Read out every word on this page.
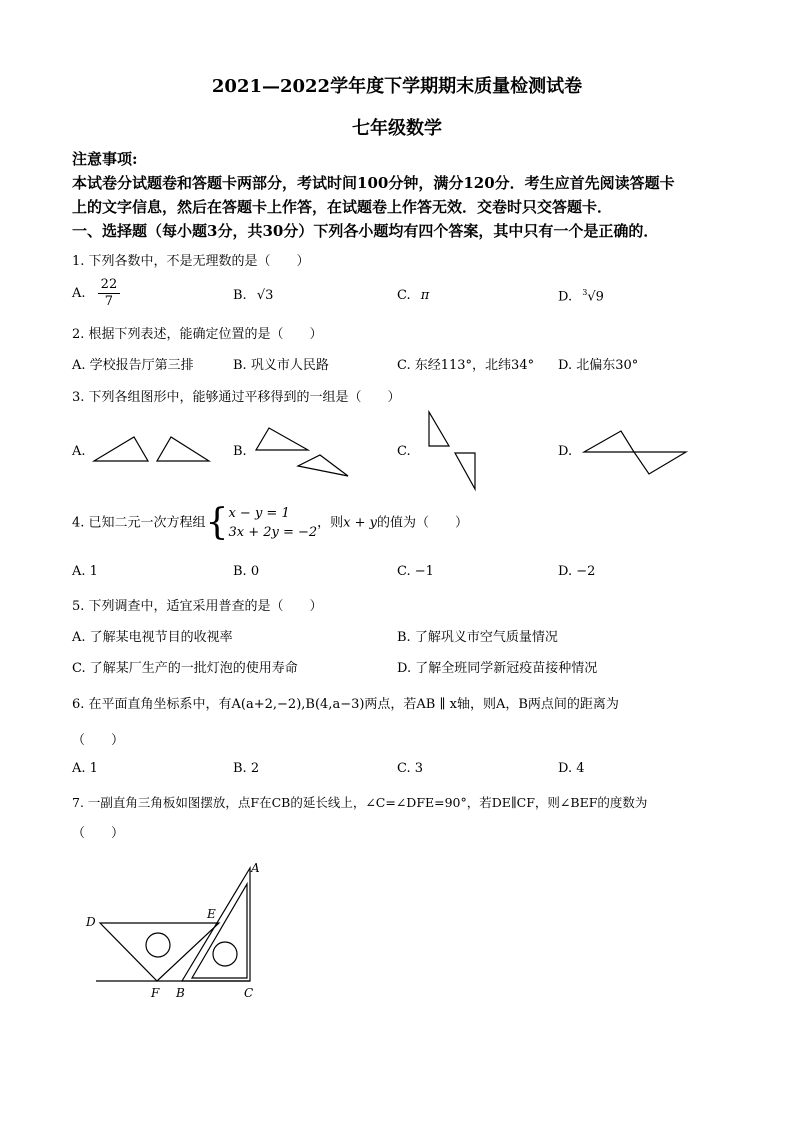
2021—2022学年度下学期期末质量检测试卷
七年级数学
注意事项:
本试卷分试题卷和答题卡两部分，考试时间100分钟，满分120分．考生应首先阅读答题卡
上的文字信息，然后在答题卡上作答，在试题卷上作答无效．交卷时只交答题卡．
一、选择题（每小题3分，共30分）下列各小题均有四个答案，其中只有一个是正确的．
1. 下列各数中，不是无理数的是（　　）
A. $\frac{22}{7}$	B. √3	C. π	D. $^3$√9
2. 根据下列表述，能确定位置的是（　　）
A. 学校报告厅第三排	B. 巩义市人民路	C. 东经113°，北纬34° D. 北偏东30°
3. 下列各组图形中，能够通过平移得到的一组是（　　）
A.	B.	C.	D.
4. 已知二元一次方程组{ x − y = 1
3x + 2y = −2
，则x + y的值为（　　）
A. 1	B. 0	C. −1	D. −2
5. 下列调查中，适宜采用普查的是（　　）
A. 了解某电视节目的收视率	B. 了解巩义市空气质量情况
C. 了解某厂生产的一批灯泡的使用寿命	D. 了解全班同学新冠疫苗接种情况
6. 在平面直角坐标系中，有A(a+2,−2),B(4,a−3)两点，若AB ∥ x轴，则A，B两点间的距离为
（　　）
A. 1	B. 2	C. 3	D. 4
7. 一副直角三角板如图摆放，点F在CB的延长线上，∠C=∠DFE=90°，若DE∥CF，则∠BEF的度数为
（　　）
A
D
E
F B	C
